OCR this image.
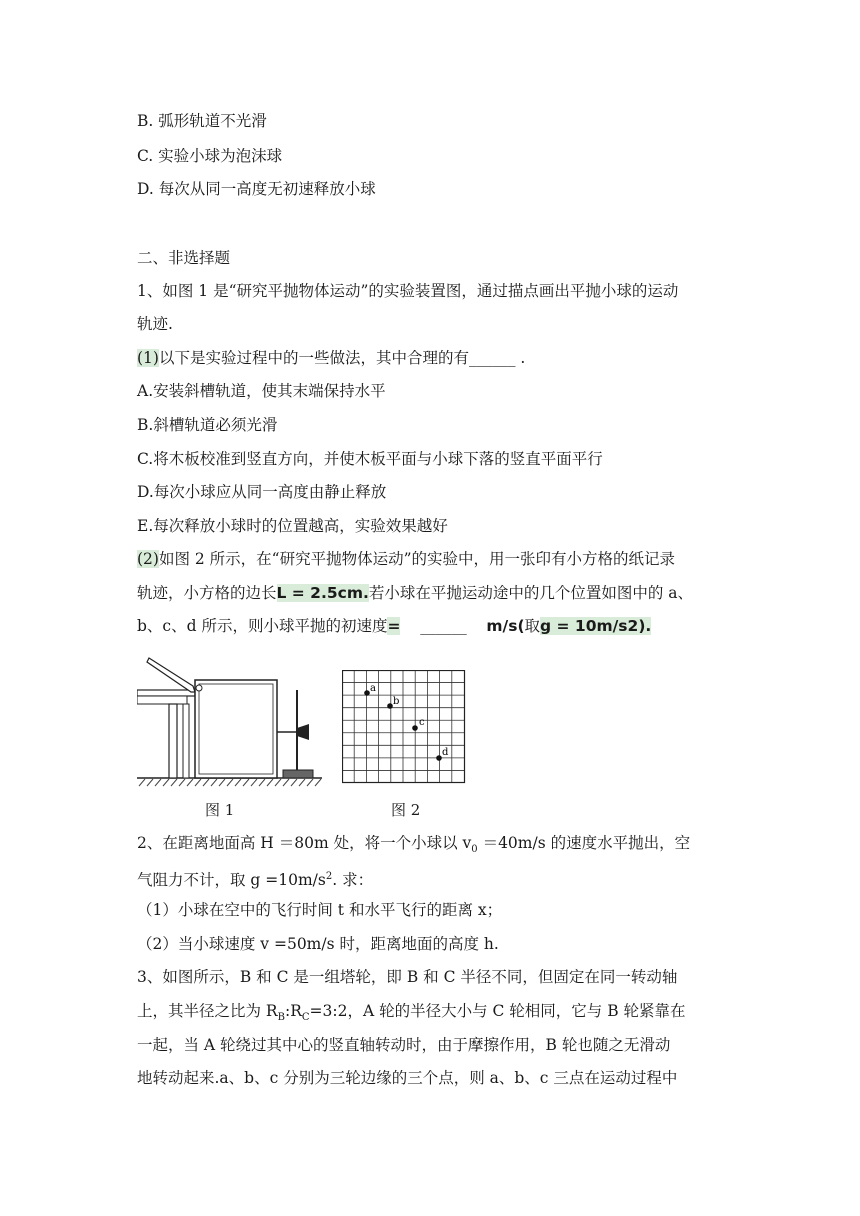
B. 弧形轨道不光滑
C. 实验小球为泡沫球
D. 每次从同一高度无初速释放小球
二、非选择题
1、如图 1 是“研究平抛物体运动”的实验装置图，通过描点画出平抛小球的运动
轨迹.
(1)以下是实验过程中的一些做法，其中合理的有______ .
A.安装斜槽轨道，使其末端保持水平
B.斜槽轨道必须光滑
C.将木板校准到竖直方向，并使木板平面与小球下落的竖直平面平行
D.每次小球应从同一高度由静止释放
E.每次释放小球时的位置越高，实验效果越好
(2)如图 2 所示，在“研究平抛物体运动”的实验中，用一张印有小方格的纸记录
轨迹，小方格的边长L = 2.5cm.若小球在平抛运动途中的几个位置如图中的 a、
b、c、d 所示，则小球平抛的初速度= ______ m/s(取g = 10m/s2).
图 1
a
b
c
d
图 2
2、在距离地面高 H ＝80m 处，将一个小球以 $v_0 =40m/s$ 的速度水平抛出，空
气阻力不计，取 $g =10m/s^2$. 求：
（1）小球在空中的飞行时间 t 和水平飞行的距离 x；
（2）当小球速度 v =50m/s 时，距离地面的高度 h.
3、如图所示，B 和 C 是一组塔轮，即 B 和 C 半径不同，但固定在同一转动轴
上，其半径之比为 $R_B:R_C=3:2$，A 轮的半径大小与 C 轮相同，它与 B 轮紧靠在
一起，当 A 轮绕过其中心的竖直轴转动时，由于摩擦作用，B 轮也随之无滑动
地转动起来.a、b、c 分别为三轮边缘的三个点，则 a、b、c 三点在运动过程中
